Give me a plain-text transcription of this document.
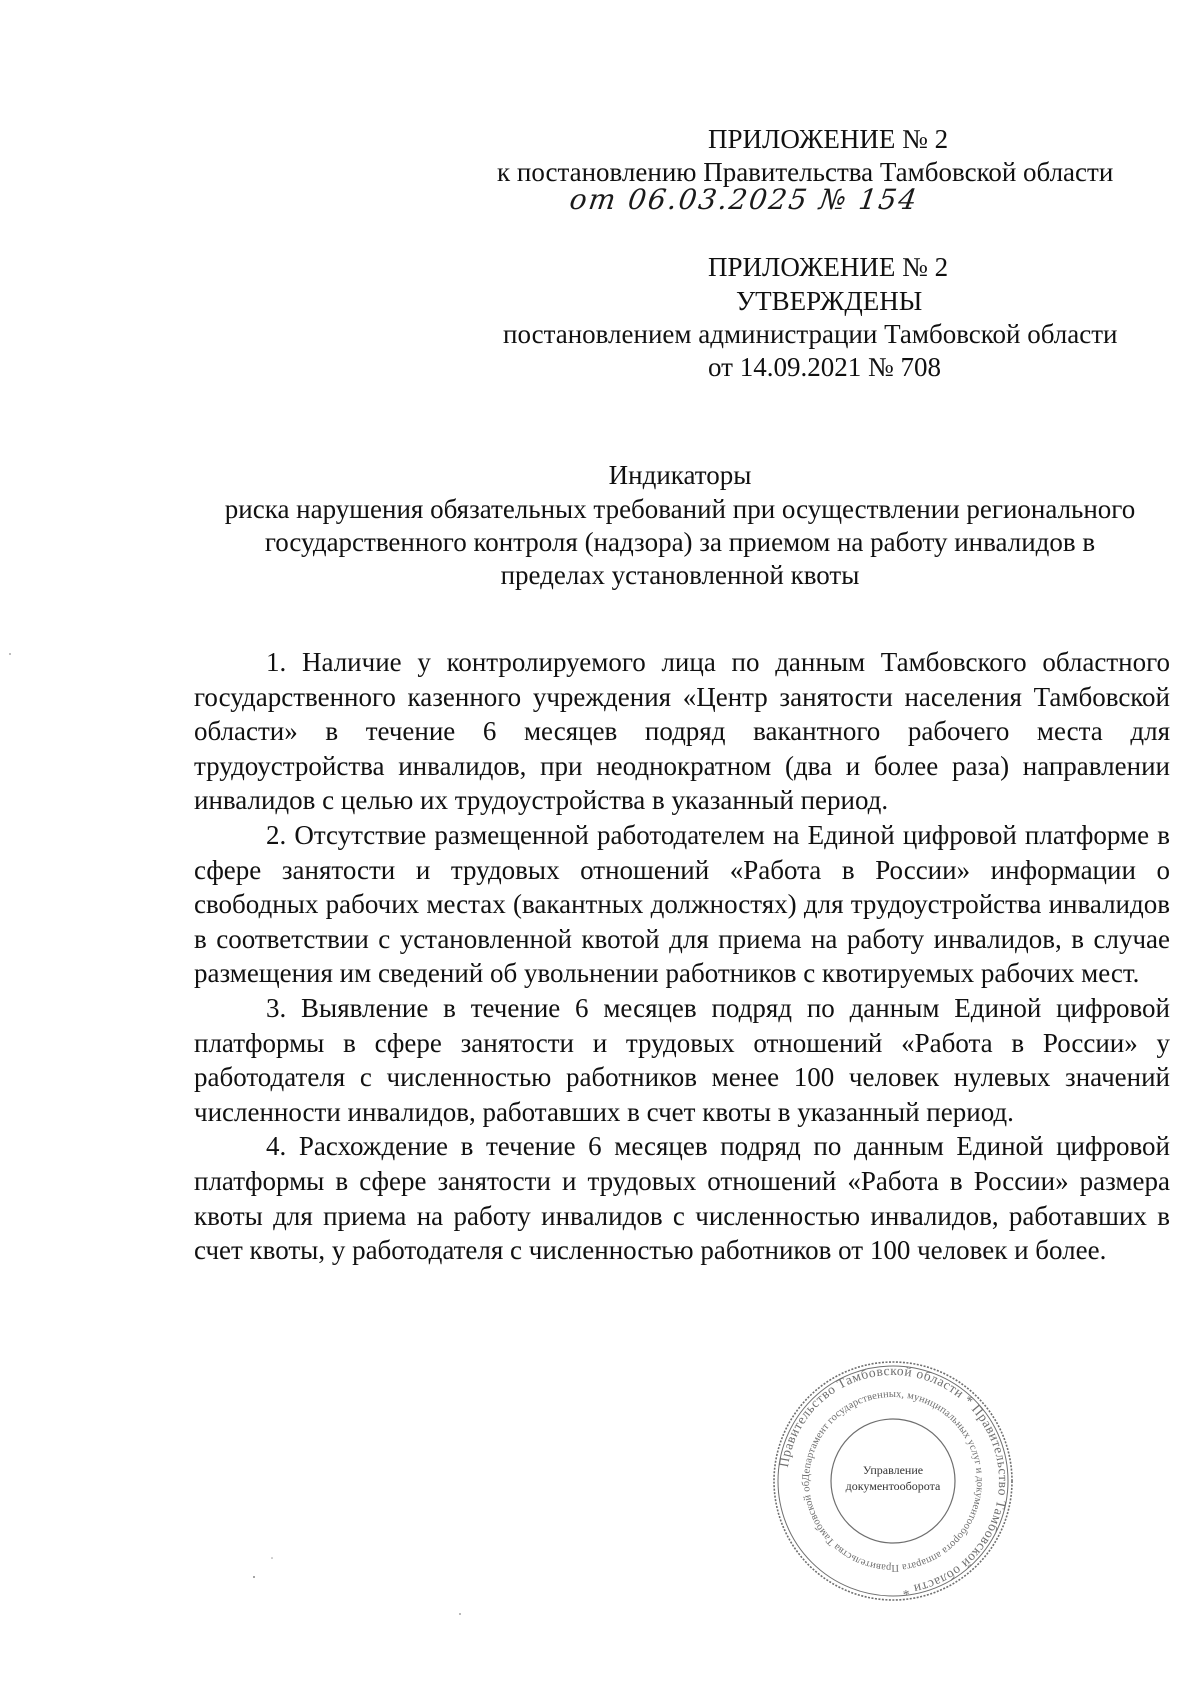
ПРИЛОЖЕНИЕ № 2
к постановлению Правительства Тамбовской области
от 06.03.2025 № 154
ПРИЛОЖЕНИЕ № 2
УТВЕРЖДЕНЫ
постановлением администрации Тамбовской области
от 14.09.2021 № 708
Индикаторы
риска нарушения обязательных требований при осуществлении регионального
государственного контроля (надзора) за приемом на работу инвалидов в
пределах установленной квоты

1. Наличие у контролируемого лица по данным Тамбовского областного государственного казенного учреждения «Центр занятости населения Тамбовской области» в течение 6 месяцев подряд вакантного рабочего места для трудоустройства инвалидов, при неоднократном (два и более раза) направлении инвалидов с целью их трудоустройства в указанный период.

2. Отсутствие размещенной работодателем на Единой цифровой платформе в сфере занятости и трудовых отношений «Работа в России» информации о свободных рабочих местах (вакантных должностях) для трудоустройства инвалидов в соответствии с установленной квотой для приема на работу инвалидов, в случае размещения им сведений об увольнении работников с квотируемых рабочих мест.

3. Выявление в течение 6 месяцев подряд по данным Единой цифровой платформы в сфере занятости и трудовых отношений «Работа в России» у работодателя с численностью работников менее 100 человек нулевых значений численности инвалидов, работавших в счет квоты в указанный период.

4. Расхождение в течение 6 месяцев подряд по данным Единой цифровой платформы в сфере занятости и трудовых отношений «Работа в России» размера квоты для приема на работу инвалидов с численностью инвалидов, работавших в счет квоты, у работодателя с численностью работников от 100 человек и более.

Правительство Тамбовской области * Правительство Тамбовской области *
Департамент государственных, муниципальных услуг и документооборота аппарата Правительства Тамбовской области
Управление
документооборота
